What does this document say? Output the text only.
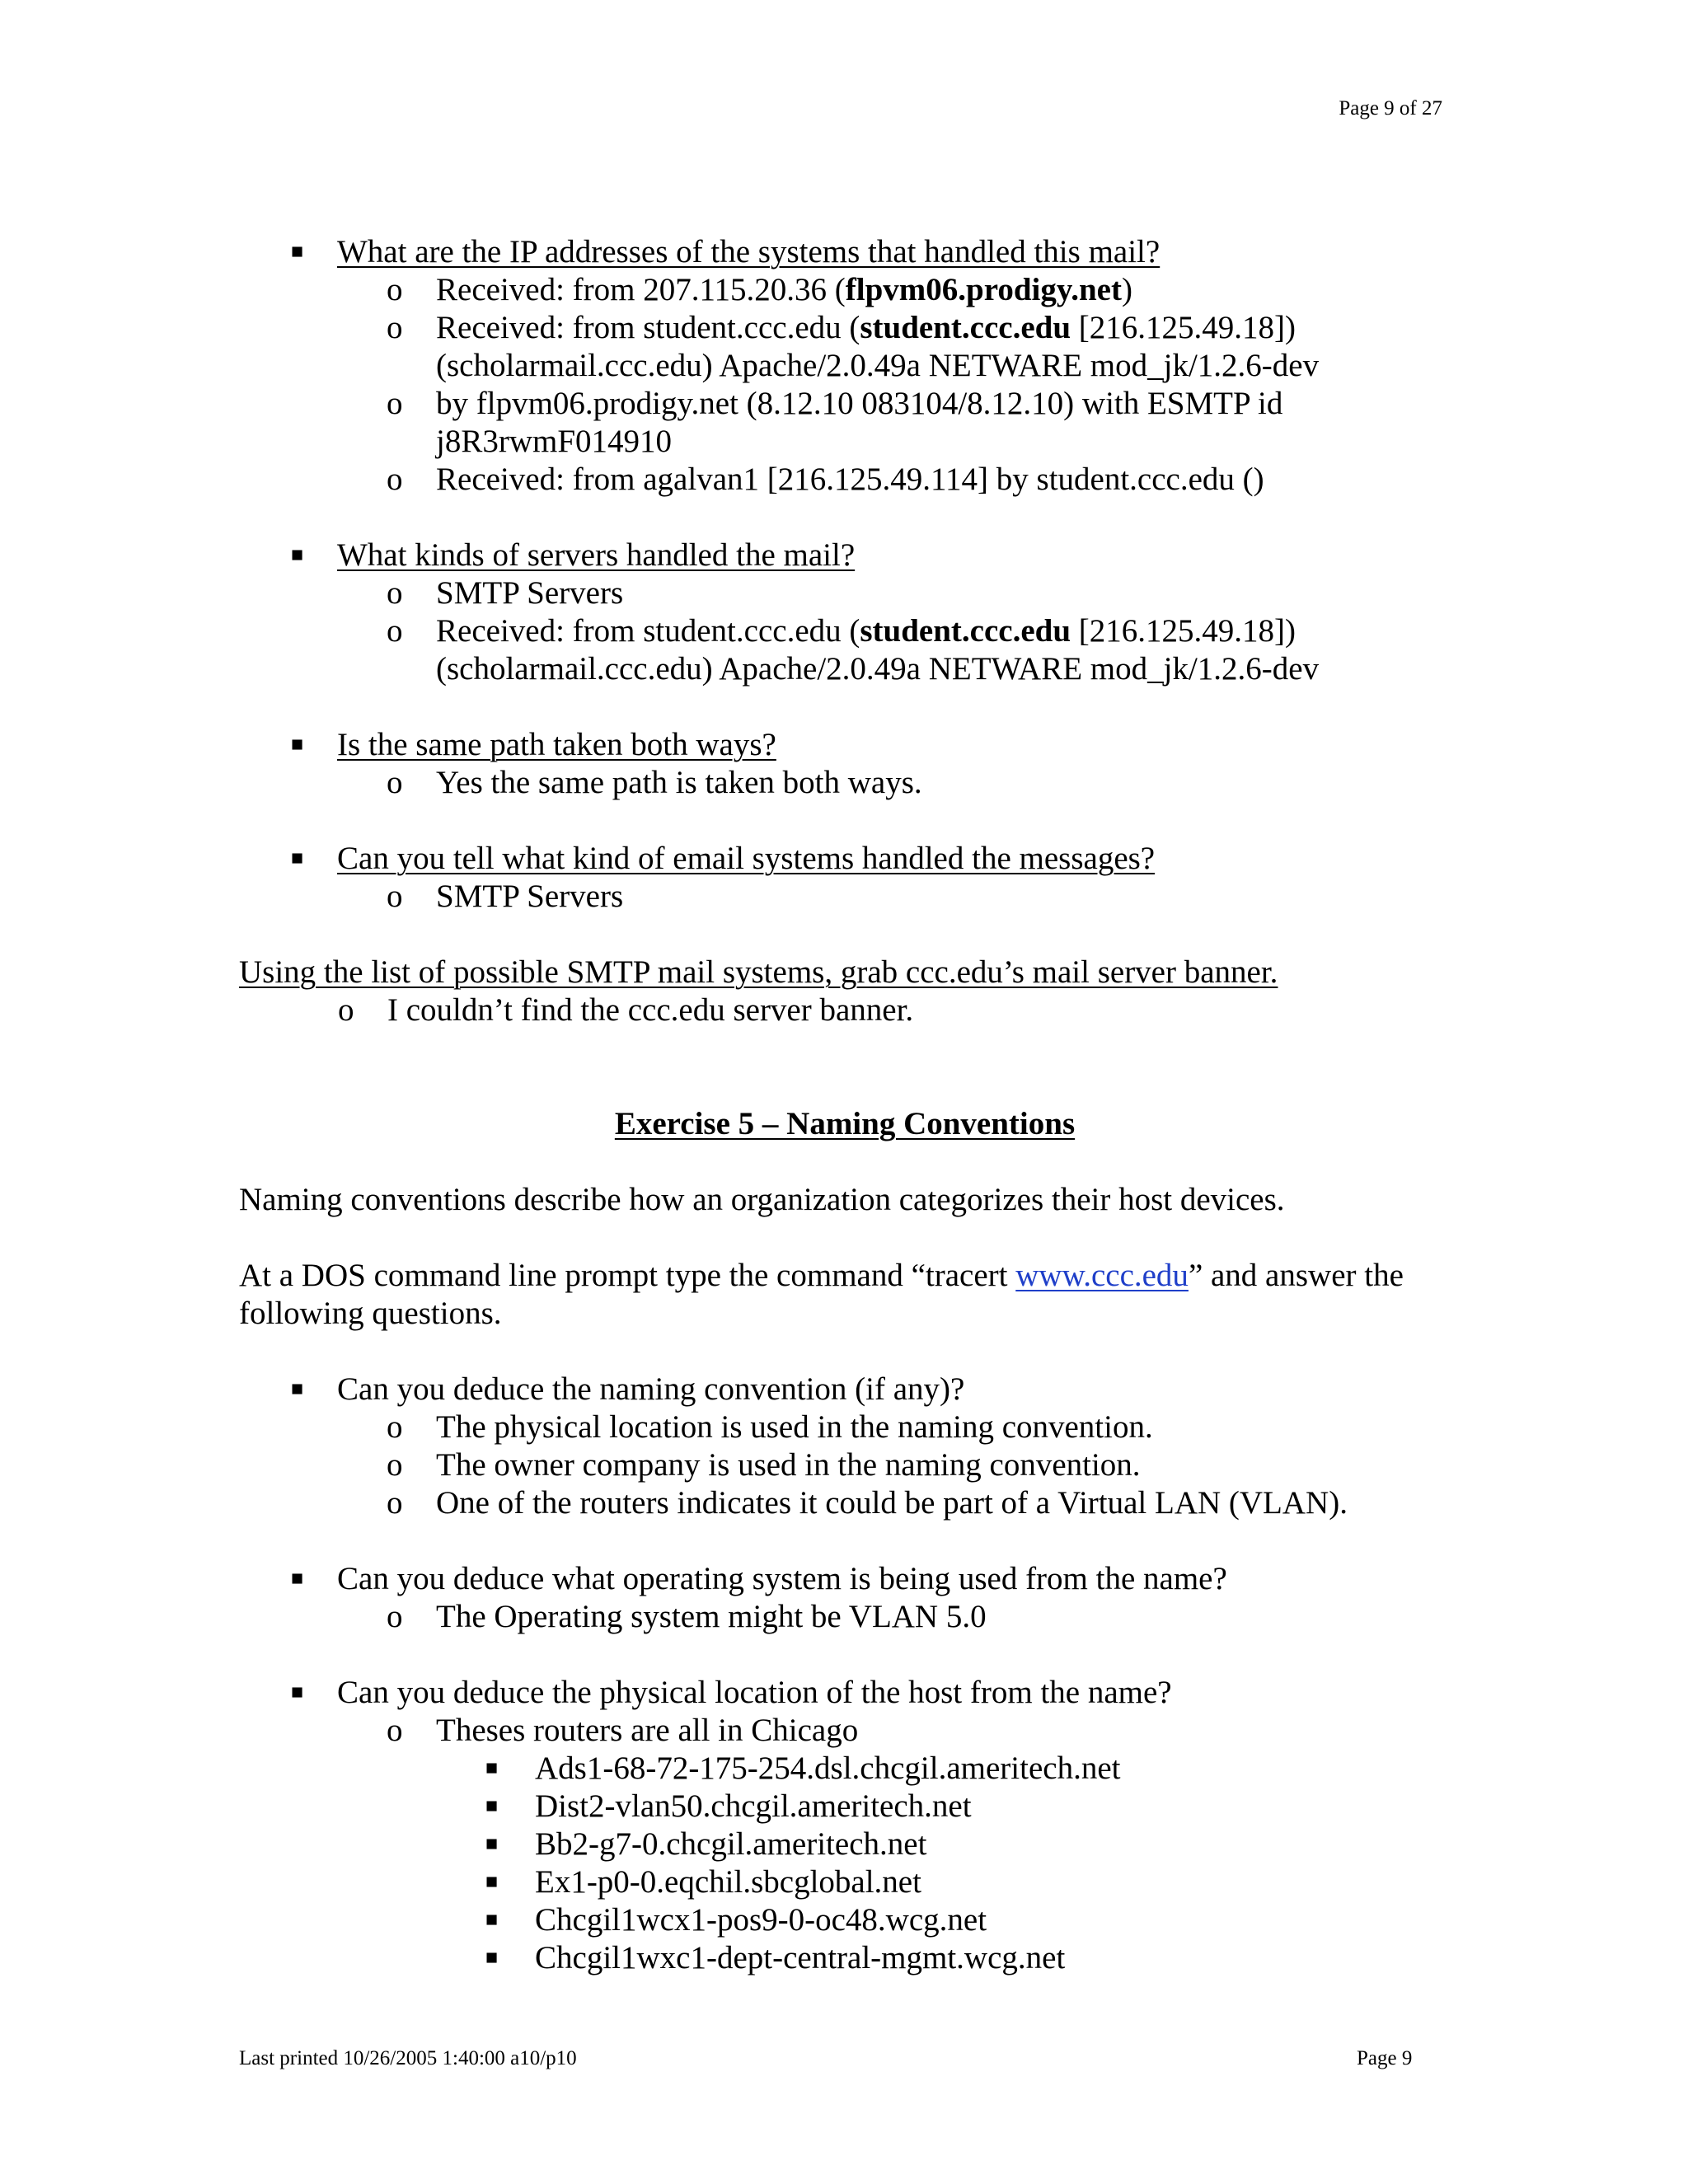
Page 9 of 27
■ What are the IP addresses of the systems that handled this mail?
o Received: from 207.115.20.36 (flpvm06.prodigy.net)
o Received: from student.ccc.edu (student.ccc.edu [216.125.49.18])
(scholarmail.ccc.edu) Apache/2.0.49a NETWARE mod_jk/1.2.6-dev
o by flpvm06.prodigy.net (8.12.10 083104/8.12.10) with ESMTP id
j8R3rwmF014910
o Received: from agalvan1 [216.125.49.114] by student.ccc.edu ()
■ What kinds of servers handled the mail?
o SMTP Servers
o Received: from student.ccc.edu (student.ccc.edu [216.125.49.18])
(scholarmail.ccc.edu) Apache/2.0.49a NETWARE mod_jk/1.2.6-dev
■ Is the same path taken both ways?
o Yes the same path is taken both ways.
■ Can you tell what kind of email systems handled the messages?
o SMTP Servers
Using the list of possible SMTP mail systems, grab ccc.edu’s mail server banner.
o I couldn’t find the ccc.edu server banner.
Exercise 5 – Naming Conventions
Naming conventions describe how an organization categorizes their host devices.
At a DOS command line prompt type the command “tracert www.ccc.edu” and answer the
following questions.
■ Can you deduce the naming convention (if any)?
o The physical location is used in the naming convention.
o The owner company is used in the naming convention.
o One of the routers indicates it could be part of a Virtual LAN (VLAN).
■ Can you deduce what operating system is being used from the name?
o The Operating system might be VLAN 5.0
■ Can you deduce the physical location of the host from the name?
o Theses routers are all in Chicago
■ Ads1-68-72-175-254.dsl.chcgil.ameritech.net
■ Dist2-vlan50.chcgil.ameritech.net
■ Bb2-g7-0.chcgil.ameritech.net
■ Ex1-p0-0.eqchil.sbcglobal.net
■ Chcgil1wcx1-pos9-0-oc48.wcg.net
■ Chcgil1wxc1-dept-central-mgmt.wcg.net
Last printed 10/26/2005 1:40:00 a10/p10	Page 9
